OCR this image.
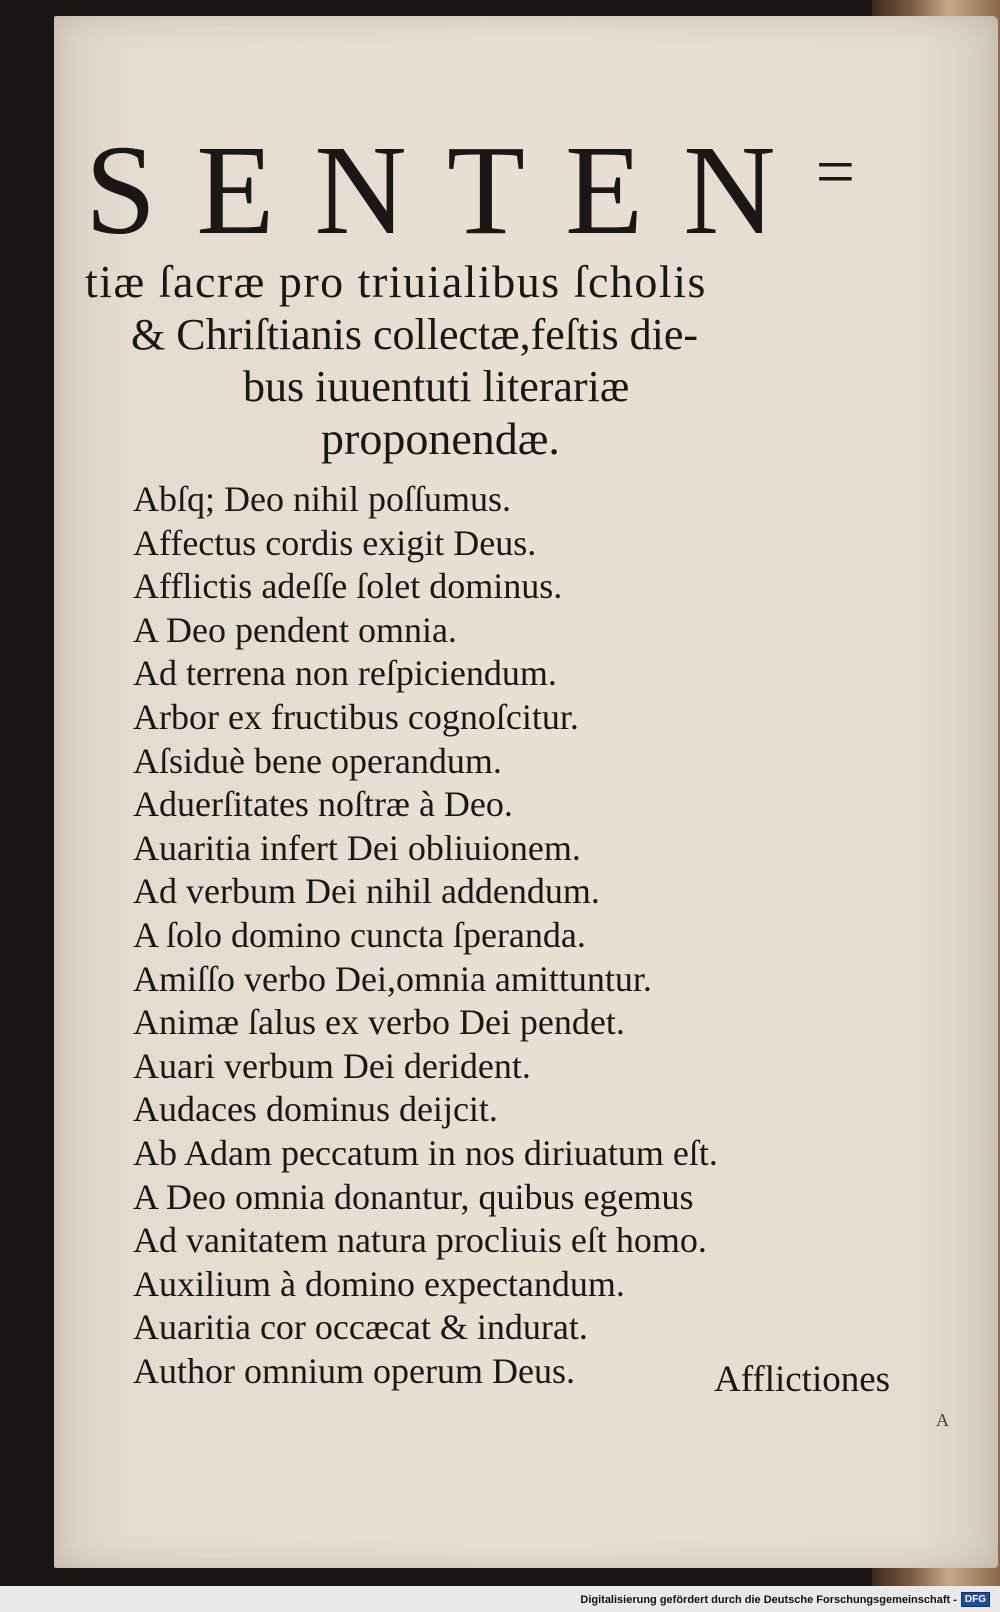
SENTEN=

tiæ ſacræ pro triuialibus ſcholis

& Chriſtianis collectæ,feſtis die-

bus iuuentuti literariæ

proponendæ.

Abſq; Deo nihil poſſumus.
Affectus cordis exigit Deus.
Afflictis adeſſe ſolet dominus.
A Deo pendent omnia.
Ad terrena non reſpiciendum.
Arbor ex fructibus cognoſcitur.
Aſsiduè bene operandum.
Aduerſitates noſtræ à Deo.
Auaritia infert Dei obliuionem.
Ad verbum Dei nihil addendum.
A ſolo domino cuncta ſperanda.
Amiſſo verbo Dei,omnia amittuntur.
Animæ ſalus ex verbo Dei pendet.
Auari verbum Dei derident.
Audaces dominus deijcit.
Ab Adam peccatum in nos diriuatum eſt.
A Deo omnia donantur, quibus egemus
Ad vanitatem natura procliuis eſt homo.
Auxilium à domino expectandum.
Auaritia cor occæcat & indurat.
Author omnium operum Deus.	Afflictiones
A
Digitalisierung gefördert durch die Deutsche Forschungsgemeinschaft - DFG
